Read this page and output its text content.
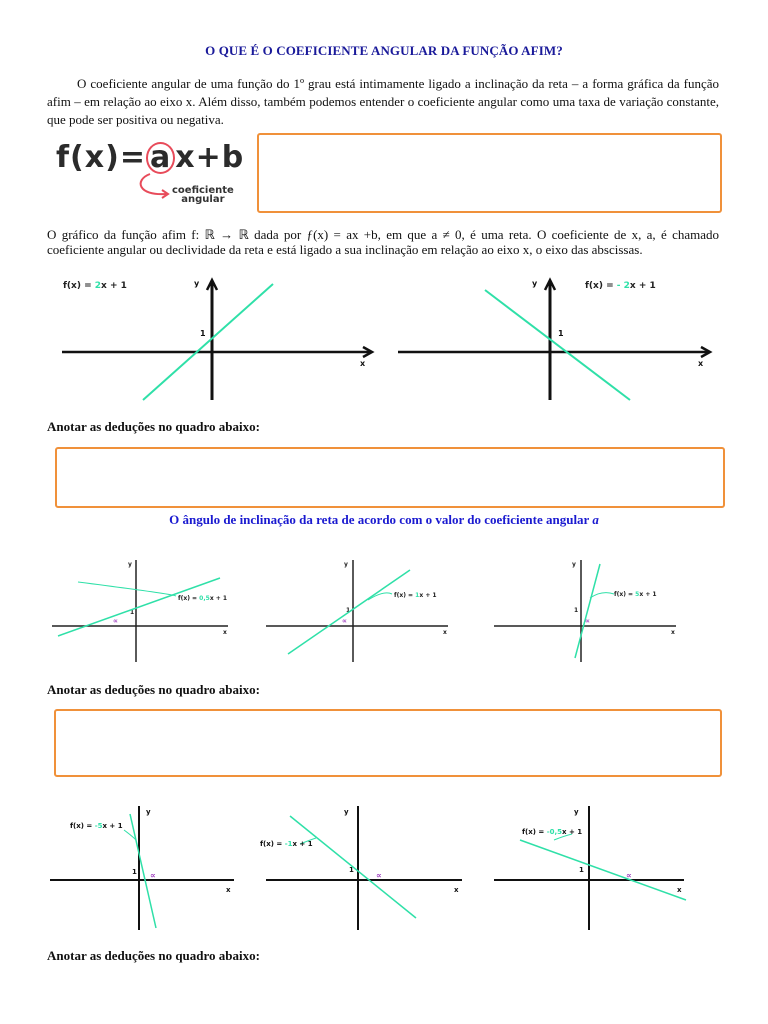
O QUE É O COEFICIENTE ANGULAR DA FUNÇÃO AFIM?
O coeficiente angular de uma função do 1º grau está intimamente ligado a inclinação da reta – a forma gráfica da função afim – em relação ao eixo x. Além disso, também podemos entender o coeficiente angular como uma taxa de variação constante, que pode ser positiva ou negativa.
f(x)= a x+b
coeficiente
angular
O gráfico da função afim f: ℝ → ℝ dada por ƒ(x) = ax +b, em que a ≠ 0, é uma reta. O coeficiente de x, a, é chamado coeficiente angular ou declividade da reta e está ligado a sua inclinação em relação ao eixo x, o eixo das abscissas.
f(x) = 2x + 1	y
x
1
f(x) = - 2x + 1
y
x
1
Anotar as deduções no quadro abaixo:
O ângulo de inclinação da reta de acordo com o valor do coeficiente angular a
y
x
1
f(x) = 0,5x + 1
∝
y
x
1
f(x) = 1x + 1
∝
y
x
1
f(x) = 5x + 1
∝
Anotar as deduções no quadro abaixo:
y
x
1
f(x) = -5x + 1
∝
y
x
1
f(x) = -1x + 1
∝
y
x
1
f(x) = -0,5x + 1
∝
Anotar as deduções no quadro abaixo:
